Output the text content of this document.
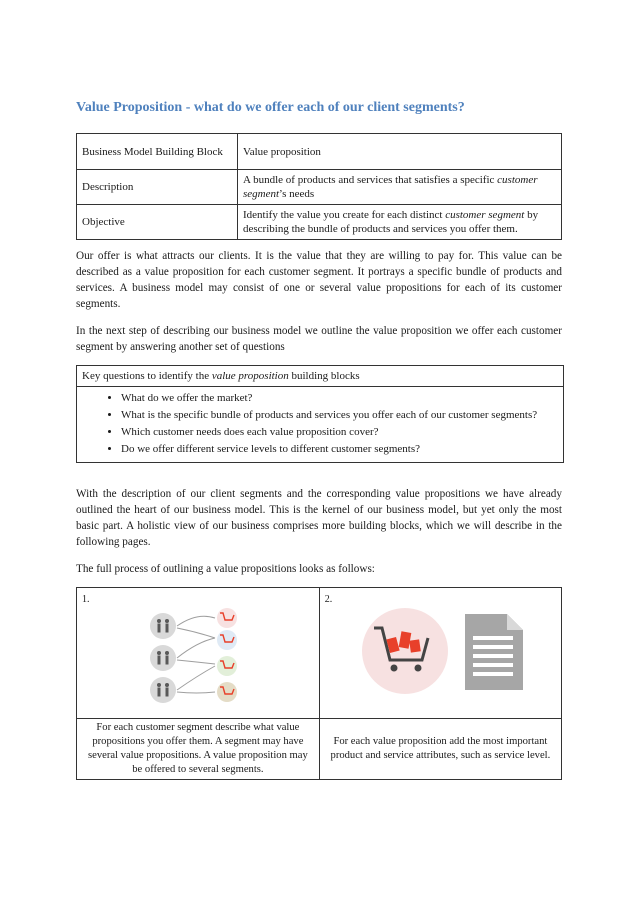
Value Proposition - what do we offer each of our client segments?
Business Model Building Block	Value proposition
Description	A bundle of products and services that satisfies a specific customer segment’s needs
Objective	Identify the value you create for each distinct customer segment by describing the bundle of products and services you offer them.

Our offer is what attracts our clients. It is the value that they are willing to pay for. This value can be described as a value proposition for each customer segment. It portrays a specific bundle of products and services. A business model may consist of one or several value propositions for each of its customer segments.

In the next step of describing our business model we outline the value proposition we offer each customer segment by answering another set of questions

Key questions to identify the value proposition building blocks
• What do we offer the market?
• What is the specific bundle of products and services you offer each of our customer segments?
• Which customer needs does each value proposition cover?
• Do we offer different service levels to different customer segments?

With the description of our client segments and the corresponding value propositions we have already outlined the heart of our business model. This is the kernel of our business model, but yet only the most basic part. A holistic view of our business comprises more building blocks, which we will describe in the following pages.

The full process of outlining a value propositions looks as follows:

1.	2.

For each customer segment describe what value propositions you offer them. A segment may have several value propositions. A value proposition may be offered to several segments.	For each value proposition add the most important product and service attributes, such as service level.
